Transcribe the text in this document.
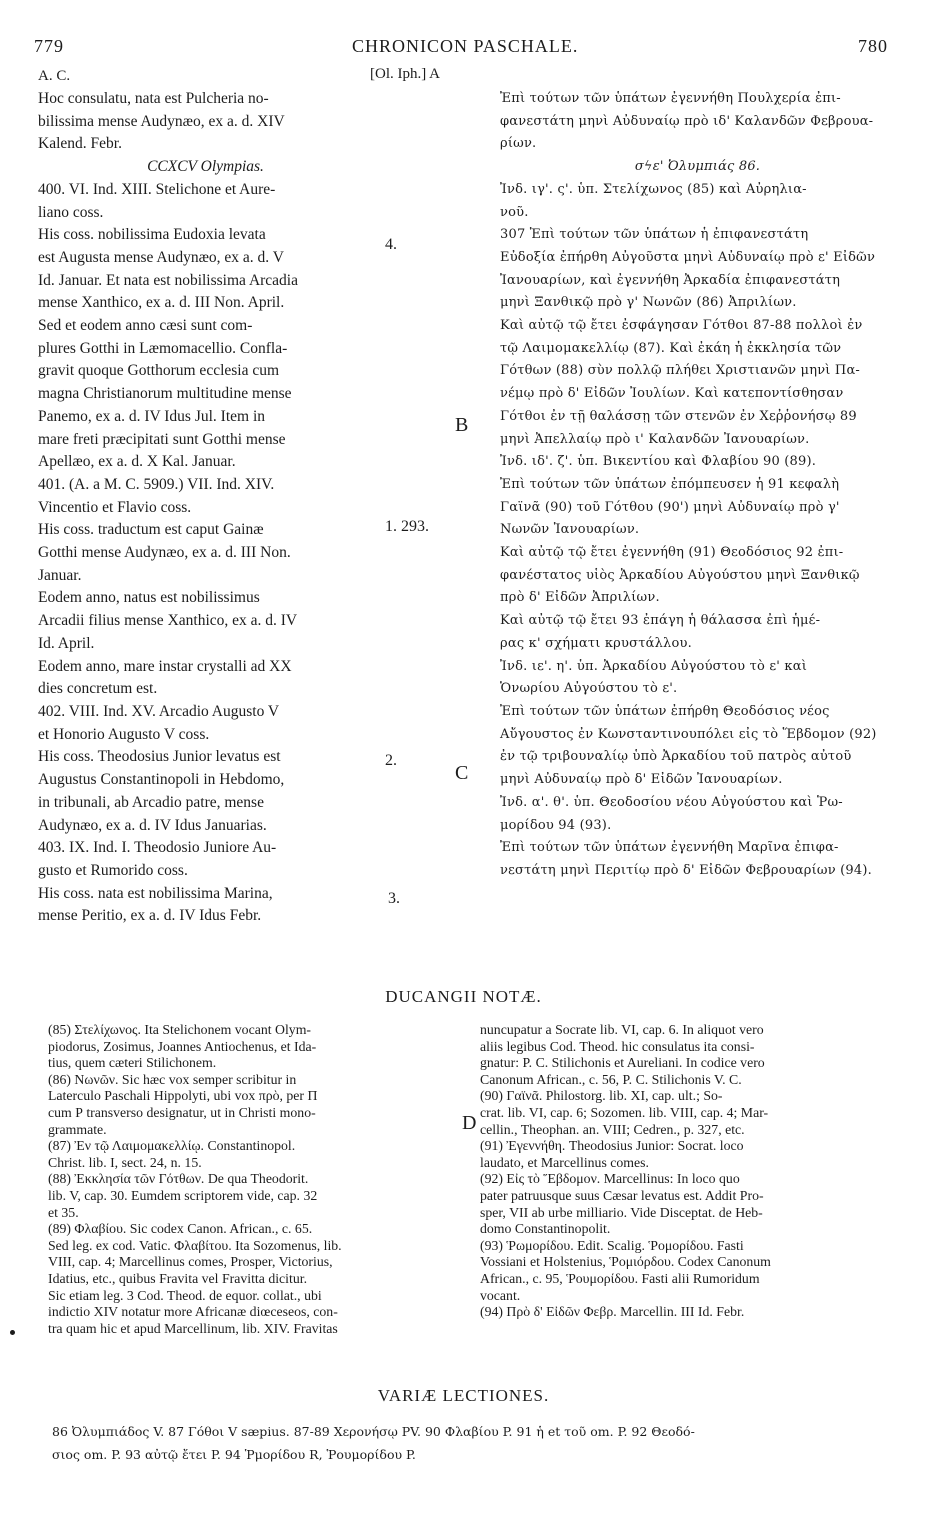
779	CHRONICON PASCHALE.	780
A. C.	[Ol. Iph.] A
Hoc consulatu, nata est Pulcheria no-
bilissima mense Audynæo, ex a. d. XIV
Kalend. Febr.
CCXCV Olympias.
400. VI. Ind. XIII. Stelichone et Aure-
liano coss.
His coss. nobilissima Eudoxia levata
est Augusta mense Audynæo, ex a. d. V
Id. Januar. Et nata est nobilissima Arcadia
mense Xanthico, ex a. d. III Non. April.
Sed et eodem anno cæsi sunt com-
plures Gotthi in Læmomacellio. Confla-
gravit quoque Gotthorum ecclesia cum
magna Christianorum multitudine mense
Panemo, ex a. d. IV Idus Jul. Item in
mare freti præcipitati sunt Gotthi mense
Apellæo, ex a. d. X Kal. Januar.
401. (A. a M. C. 5909.) VII. Ind. XIV.
Vincentio et Flavio coss.
His coss. traductum est caput Gainæ
Gotthi mense Audynæo, ex a. d. III Non.
Januar.
Eodem anno, natus est nobilissimus
Arcadii filius mense Xanthico, ex a. d. IV
Id. April.
Eodem anno, mare instar crystalli ad XX
dies concretum est.
402. VIII. Ind. XV. Arcadio Augusto V
et Honorio Augusto V coss.
His coss. Theodosius Junior levatus est
Augustus Constantinopoli in Hebdomo,
in tribunali, ab Arcadio patre, mense
Audynæo, ex a. d. IV Idus Januarias.
403. IX. Ind. I. Theodosio Juniore Au-
gusto et Rumorido coss.
His coss. nata est nobilissima Marina,
mense Peritio, ex a. d. IV Idus Febr.
4.
B
1. 293.
2.
C
3.
D
Ἐπὶ τούτων τῶν ὑπάτων ἐγεννήθη Πουλχερία ἐπι-
φανεστάτη μηνὶ Αὐδυναίῳ πρὸ ιδ' Καλανδῶν Φεβρουα-
ρίων.
σϟε' Ὀλυμπιάς 86.
Ἰνδ. ιγ'. ς'. ὑπ. Στελίχωνος (85) καὶ Αὐρηλια-
νοῦ.
307 Ἐπὶ τούτων τῶν ὑπάτων ἡ ἐπιφανεστάτη
Εὐδοξία ἐπήρθη Αὐγοῦστα μηνὶ Αὐδυναίῳ πρὸ ε' Εἰδῶν
Ἰανουαρίων, καὶ ἐγεννήθη Ἀρκαδία ἐπιφανεστάτη
μηνὶ Ξανθικῷ πρὸ γ' Νωνῶν (86) Ἀπριλίων.
Καὶ αὐτῷ τῷ ἔτει ἐσφάγησαν Γότθοι 87-88 πολλοὶ ἐν
τῷ Λαιμομακελλίῳ (87). Καὶ ἐκάη ἡ ἐκκλησία τῶν
Γότθων (88) σὺν πολλῷ πλήθει Χριστιανῶν μηνὶ Πα-
νέμῳ πρὸ δ' Εἰδῶν Ἰουλίων. Καὶ κατεποντίσθησαν
Γότθοι ἐν τῇ θαλάσσῃ τῶν στενῶν ἐν Χεῤῥονήσῳ 89
μηνὶ Ἀπελλαίῳ πρὸ ι' Καλανδῶν Ἰανουαρίων.
Ἰνδ. ιδ'. ζ'. ὑπ. Βικεντίου καὶ Φλαβίου 90 (89).
Ἐπὶ τούτων τῶν ὑπάτων ἐπόμπευσεν ἡ 91 κεφαλὴ
Γαϊνᾶ (90) τοῦ Γότθου (90') μηνὶ Αὐδυναίῳ πρὸ γ'
Νωνῶν Ἰανουαρίων.
Καὶ αὐτῷ τῷ ἔτει ἐγεννήθη (91) Θεοδόσιος 92 ἐπι-
φανέστατος υἱὸς Ἀρκαδίου Αὐγούστου μηνὶ Ξανθικῷ
πρὸ δ' Εἰδῶν Ἀπριλίων.
Καὶ αὐτῷ τῷ ἔτει 93 ἐπάγη ἡ θάλασσα ἐπὶ ἡμέ-
ρας κ' σχήματι κρυστάλλου.
Ἰνδ. ιε'. η'. ὑπ. Ἀρκαδίου Αὐγούστου τὸ ε' καὶ
Ὁνωρίου Αὐγούστου τὸ ε'.
Ἐπὶ τούτων τῶν ὑπάτων ἐπήρθη Θεοδόσιος νέος
Αὔγουστος ἐν Κωνσταντινουπόλει εἰς τὸ Ἕβδομον (92)
ἐν τῷ τριβουναλίῳ ὑπὸ Ἀρκαδίου τοῦ πατρὸς αὐτοῦ
μηνὶ Αὐδυναίῳ πρὸ δ' Εἰδῶν Ἰανουαρίων.
Ἰνδ. α'. θ'. ὑπ. Θεοδοσίου νέου Αὐγούστου καὶ Ῥω-
μορίδου 94 (93).
Ἐπὶ τούτων τῶν ὑπάτων ἐγεννήθη Μαρῖνα ἐπιφα-
νεστάτη μηνὶ Περιτίῳ πρὸ δ' Εἰδῶν Φεβρουαρίων (94).
DUCANGII NOTÆ.
(85) Στελίχωνος. Ita Stelichonem vocant Olym-
piodorus, Zosimus, Joannes Antiochenus, et Ida-
tius, quem cæteri Stilichonem.
(86) Νωνῶν. Sic hæc vox semper scribitur in
Laterculo Paschali Hippolyti, ubi vox πρὸ, per Π
cum Ρ transverso designatur, ut in Christi mono-
grammate.
(87) Ἐν τῷ Λαιμομακελλίῳ. Constantinopol.
Christ. lib. I, sect. 24, n. 15.
(88) Ἐκκλησία τῶν Γότθων. De qua Theodorit.
lib. V, cap. 30. Eumdem scriptorem vide, cap. 32
et 35.
(89) Φλαβίου. Sic codex Canon. African., c. 65.
Sed leg. ex cod. Vatic. Φλαβίτου. Ita Sozomenus, lib.
VIII, cap. 4; Marcellinus comes, Prosper, Victorius,
Idatius, etc., quibus Fravita vel Fravitta dicitur.
Sic etiam leg. 3 Cod. Theod. de equor. collat., ubi
indictio XIV notatur more Africanæ diœceseos, con-
tra quam hic et apud Marcellinum, lib. XIV. Fravitas
nuncupatur a Socrate lib. VI, cap. 6. In aliquot vero
aliis legibus Cod. Theod. hic consulatus ita consi-
gnatur: P. C. Stilichonis et Aureliani. In codice vero
Canonum African., c. 56, P. C. Stilichonis V. C.
(90) Γαϊνᾶ. Philostorg. lib. XI, cap. ult.; So-
crat. lib. VI, cap. 6; Sozomen. lib. VIII, cap. 4; Mar-
cellin., Theophan. an. VIII; Cedren., p. 327, etc.
(91) Ἐγεννήθη. Theodosius Junior: Socrat. loco
laudato, et Marcellinus comes.
(92) Εἰς τὸ Ἕβδομον. Marcellinus: In loco quo
pater patruusque suus Cæsar levatus est. Addit Pro-
sper, VII ab urbe milliario. Vide Disceptat. de Heb-
domo Constantinopolit.
(93) Ῥωμορίδου. Edit. Scalig. Ῥομορίδου. Fasti
Vossiani et Holstenius, Ῥομιόρδου. Codex Canonum
African., c. 95, Ῥουμορίδου. Fasti alii Rumoridum
vocant.
(94) Πρὸ δ' Εἰδῶν Φεβρ. Marcellin. III Id. Febr.
VARIÆ LECTIONES.
86 Ὀλυμπιάδος V. 87 Γόθοι V sæpius. 87-89 Χερονήσῳ PV. 90 Φλαβίου P. 91 ἡ et τοῦ om. P. 92 Θεοδό-
σιος om. P. 93 αὐτῷ ἔτει P. 94 Ῥμορίδου R, Ῥουμορίδου P.
